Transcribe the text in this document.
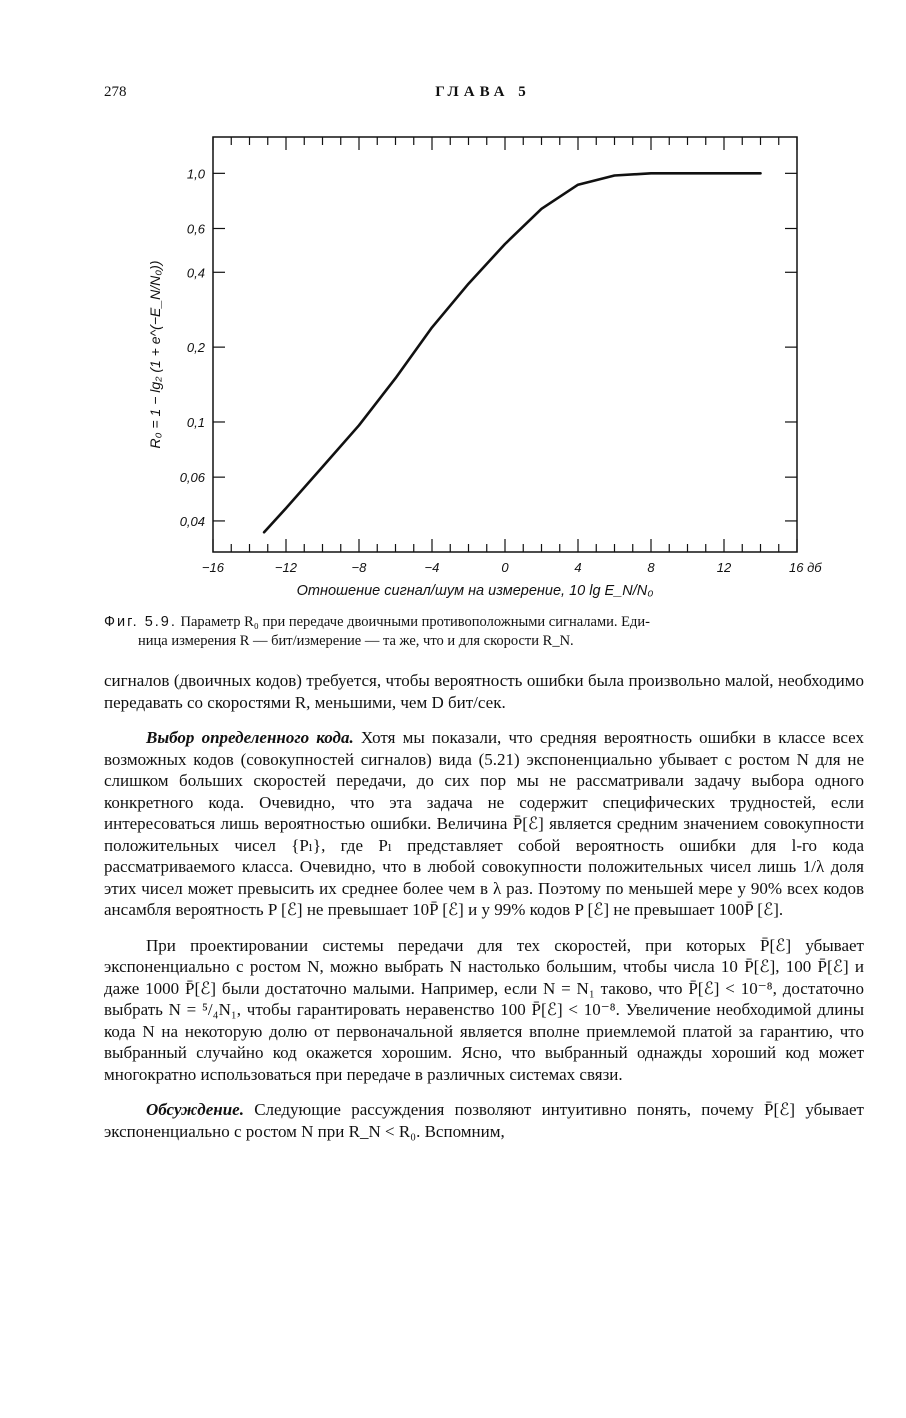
278	ГЛАВА 5
−16	−12	−8	−4	0	4	8	12	16 дб
1,0
0,6
0,4
0,2
0,1
0,06
0,04
Отношение сигнал/шум на измерение, 10 lg E_N/N₀
R₀ = 1 − lg₂ (1 + e^(−E_N/N₀))
Фиг. 5.9. Параметр R₀ при передаче двоичными противоположными сигналами. Еди-
ница измерения R — бит/измерение — та же, что и для скорости R_N.

сигналов (двоичных кодов) требуется, чтобы вероятность ошибки была произвольно малой, необходимо передавать со скоростями R, меньшими, чем D бит/сек.

Выбор определенного кода. Хотя мы показали, что средняя вероятность ошибки в классе всех возможных кодов (совокупностей сигналов) вида (5.21) экспоненциально убывает с ростом N для не слишком больших скоростей передачи, до сих пор мы не рассматривали задачу выбора одного конкретного кода. Очевидно, что эта задача не содержит специфических трудностей, если интересоваться лишь вероятностью ошибки. Величина P̄[ℰ] является средним значением совокупности положительных чисел {Pₗ}, где Pₗ представляет собой вероятность ошибки для l-го кода рассматриваемого класса. Очевидно, что в любой совокупности положительных чисел лишь 1/λ доля этих чисел может превысить их среднее более чем в λ раз. Поэтому по меньшей мере у 90% всех кодов ансамбля вероятность P [ℰ] не превышает 10P̄ [ℰ] и у 99% кодов P [ℰ] не превышает 100P̄ [ℰ].

При проектировании системы передачи для тех скоростей, при которых P̄[ℰ] убывает экспоненциально с ростом N, можно выбрать N настолько большим, чтобы числа 10 P̄[ℰ], 100 P̄[ℰ] и даже 1000 P̄[ℰ] были достаточно малыми. Например, если N = N₁ таково, что P̄[ℰ] < 10⁻⁸, достаточно выбрать N = ⁵/₄N₁, чтобы гарантировать неравенство 100 P̄[ℰ] < 10⁻⁸. Увеличение необходимой длины кода N на некоторую долю от первоначальной является вполне приемлемой платой за гарантию, что выбранный случайно код окажется хорошим. Ясно, что выбранный однажды хороший код может многократно использоваться при передаче в различных системах связи.

Обсуждение. Следующие рассуждения позволяют интуитивно понять, почему P̄[ℰ] убывает экспоненциально с ростом N при R_N < R₀. Вспомним,
